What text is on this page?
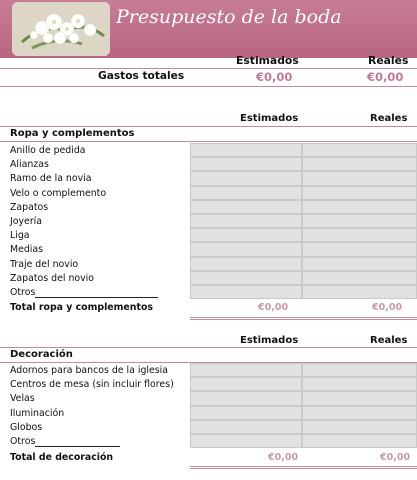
Presupuesto de la boda
Estimados	Reales
Gastos totales	€0,00	€0,00
Estimados	Reales
Ropa y complementos
Anillo de pedida
Alianzas
Ramo de la novia
Velo o complemento
Zapatos
Joyería
Liga
Medias
Traje del novio
Zapatos del novio
Otros
Total ropa y complementos	€0,00	€0,00
Estimados	Reales
Decoración
Adornos para bancos de la iglesia
Centros de mesa (sin incluir flores)
Velas
Iluminación
Globos
Otros
Total de decoración	€0,00	€0,00
